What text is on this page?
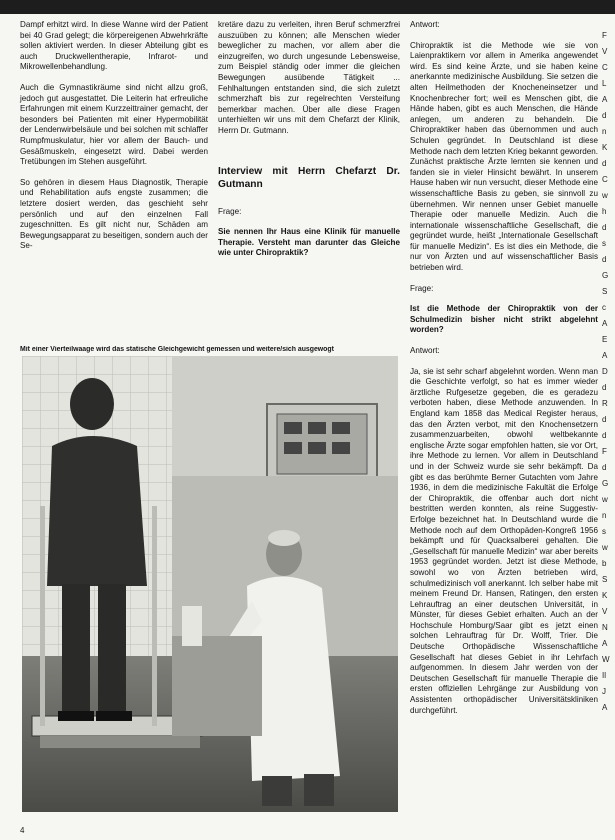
Dampf erhitzt wird. In diese Wanne wird der Patient bei 40 Grad gelegt; die körpereigenen Abwehrkräfte sollen aktiviert werden. In dieser Abteilung gibt es auch Druckwellentherapie, Infrarot- und Mikrowellenbehandlung.

Auch die Gymnastikräume sind nicht allzu groß, jedoch gut ausgestattet. Die Leiterin hat erfreuliche Erfahrungen mit einem Kurzzeittrainer gemacht, der besonders bei Patienten mit einer Hypermobilität der Lendenwirbelsäule und bei solchen mit schlaffer Rumpfmuskulatur, hier vor allem der Bauch- und Gesäßmuskeln, eingesetzt wird. Dabei werden Tretübungen im Stehen ausgeführt.

So gehören in diesem Haus Diagnostik, Therapie und Rehabilitation aufs engste zusammen; die letztere dosiert werden, das geschieht sehr persönlich und auf den einzelnen Fall zugeschnitten. Es gilt nicht nur, Schäden am Bewegungsapparat zu beseitigen, sondern auch der Se-

kretäre dazu zu verleiten, ihren Beruf schmerzfrei auszuüben zu können; alle Menschen wieder beweglicher zu machen, vor allem aber die einzugreifen, wo durch ungesunde Lebensweise, zum Beispiel ständig oder immer die gleichen Bewegungen ausübende Tätigkeit ... Fehlhaltungen entstanden sind, die sich zuletzt schmerzhaft bis zur regelrechten Versteifung bemerkbar machen. Über alle diese Fragen unterhielten wir uns mit dem Chefarzt der Klinik, Herrn Dr. Gutmann.

Interview mit Herrn Chefarzt Dr. Gutmann

Frage:

Sie nennen Ihr Haus eine Klinik für manuelle Therapie. Versteht man darunter das Gleiche wie unter Chiropraktik?

Antwort:

Chiropraktik ist die Methode wie sie von Laienpraktikern vor allem in Amerika angewendet wird. Es sind keine Ärzte, und sie haben keine anerkannte medizinische Ausbildung. Sie setzen die alten Heilmethoden der Knocheneinsetzer und Knochenbrecher fort; weil es Menschen gibt, die Hände haben, gibt es auch Menschen, die Hände anlegen, um anderen zu behandeln. Die Chiropraktiker haben das übernommen und auch Schulen gegründet. In Deutschland ist diese Methode nach dem letzten Krieg bekannt geworden. Zunächst praktische Ärzte lernten sie kennen und fanden sie in vieler Hinsicht bewährt. In unserem Hause haben wir nun versucht, dieser Methode eine wissenschaftliche Basis zu geben, sie sinnvoll zu übernehmen. Wir nennen unser Gebiet manuelle Therapie oder manuelle Medizin. Auch die internationale wissenschaftliche Gesellschaft, die gegründet wurde, heißt „Internationale Gesellschaft für manuelle Medizin“. Es ist dies ein Methode, die nur von Ärzten und auf wissenschaftlicher Basis betrieben wird.

Frage:

Ist die Methode der Chiropraktik von der Schulmedizin bisher nicht strikt abgelehnt worden?

Antwort:

Ja, sie ist sehr scharf abgelehnt worden. Wenn man die Geschichte verfolgt, so hat es immer wieder ärztliche Rufgesetze gegeben, die es geradezu verboten haben, diese Methode anzuwenden. In England kam 1858 das Medical Register heraus, das den Ärzten verbot, mit den Knochensetzern zusammenzuarbeiten, obwohl weltbekannte englische Ärzte sogar empfohlen hatten, sie vor Ort, ihre Methode zu lernen. Vor allem in Deutschland und in der Schweiz wurde sie sehr bekämpft. Da gibt es das berühmte Berner Gutachten vom Jahre 1936, in dem die medizinische Fakultät die Erfolge der Chiropraktik, die offenbar auch dort nicht bestritten werden konnten, als reine Suggestiv-Erfolge bezeichnet hat. In Deutschland wurde die Methode noch auf dem Orthopäden-Kongreß 1956 bekämpft und für Quacksalberei gehalten. Die „Gesellschaft für manuelle Medizin“ war aber bereits 1953 gegründet worden. Jetzt ist diese Methode, sowohl wo von Ärzten betrieben wird, schulmedizinisch voll anerkannt. Ich selber habe mit meinem Freund Dr. Hansen, Ratingen, den ersten Lehrauftrag an einer deutschen Universität, in Münster, für dieses Gebiet erhalten. Auch an der Hochschule Homburg/Saar gibt es jetzt einen solchen Lehrauftrag für Dr. Wolff, Trier. Die Deutsche Orthopädische Wissenschaftliche Gesellschaft hat dieses Gebiet in ihr Lehrfach aufgenommen. In diesem Jahr werden von der Deutschen Gesellschaft für manuelle Therapie die ersten offiziellen Lehrgänge zur Ausbildung von Assistenten orthopädischer Universitätskliniken durchgeführt.

Mit einer Vierteilwaage wird das statische Gleichgewicht gemessen und weitere/sich ausgewogt
4
F
V
C
L
A
d
n
K
d
C
w
h
d
s
d
G
S
c
A
E
A
D
d
R
d
d
F
d
G
w
n
s
w
b
S
K
V
N
A
W
Il
J
A
